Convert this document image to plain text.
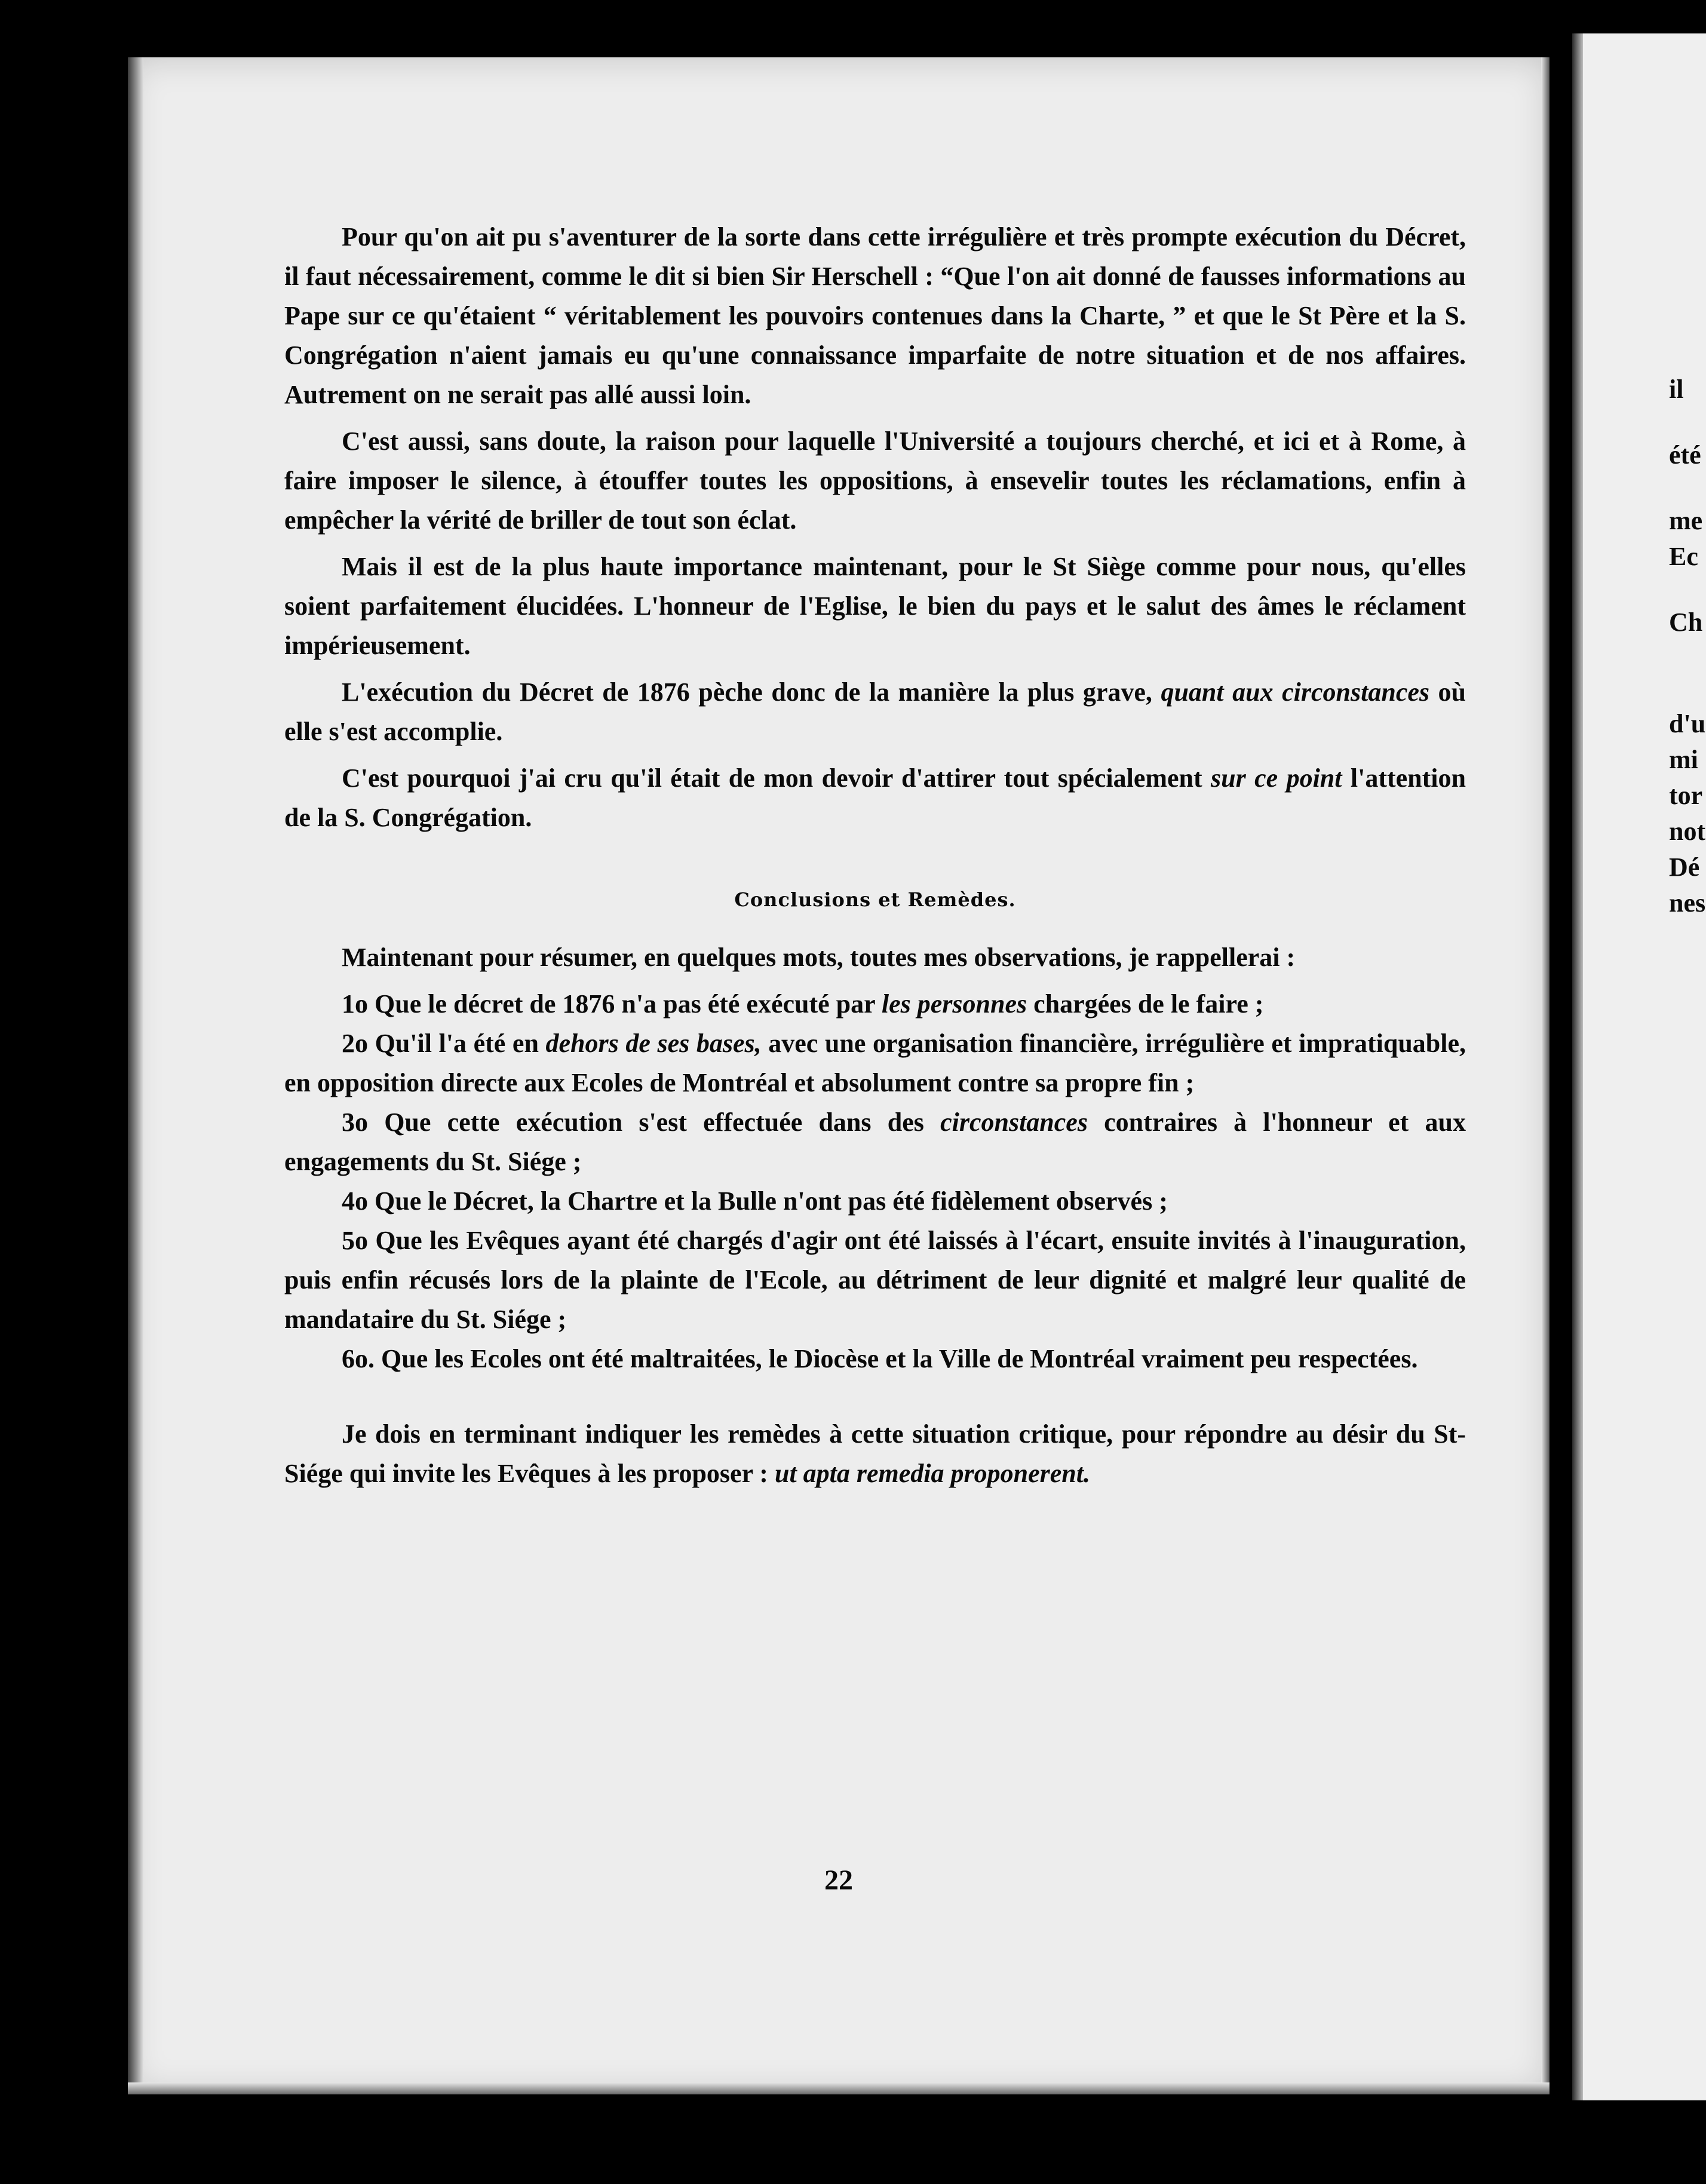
Pour qu'on ait pu s'aventurer de la sorte dans cette irrégulière et très prompte exécution du Décret, il faut nécessairement, comme le dit si bien Sir Herschell : “Que l'on ait donné de fausses informations au Pape sur ce qu'étaient “ véritablement les pouvoirs contenues dans la Charte, ” et que le St Père et la S. Congrégation n'aient jamais eu qu'une connaissance imparfaite de notre situation et de nos affaires. Autrement on ne serait pas allé aussi loin.

C'est aussi, sans doute, la raison pour laquelle l'Université a toujours cherché, et ici et à Rome, à faire imposer le silence, à étouffer toutes les oppositions, à ensevelir toutes les réclamations, enfin à empêcher la vérité de briller de tout son éclat.

Mais il est de la plus haute importance maintenant, pour le St Siège comme pour nous, qu'elles soient parfaitement élucidées. L'honneur de l'Eglise, le bien du pays et le salut des âmes le réclament impérieusement.

L'exécution du Décret de 1876 pèche donc de la manière la plus grave, quant aux circonstances où elle s'est accomplie.

C'est pourquoi j'ai cru qu'il était de mon devoir d'attirer tout spécialement sur ce point l'attention de la S. Congrégation.

Conclusions et Remèdes.

Maintenant pour résumer, en quelques mots, toutes mes observations, je rappellerai :

1o Que le décret de 1876 n'a pas été exécuté par les personnes chargées de le faire ;

2o Qu'il l'a été en dehors de ses bases, avec une organisation financière, irrégulière et impratiquable, en opposition directe aux Ecoles de Montréal et absolument contre sa propre fin ;

3o Que cette exécution s'est effectuée dans des circonstances contraires à l'honneur et aux engagements du St. Siége ;

4o Que le Décret, la Chartre et la Bulle n'ont pas été fidèlement observés ;

5o Que les Evêques ayant été chargés d'agir ont été laissés à l'écart, ensuite invités à l'inauguration, puis enfin récusés lors de la plainte de l'Ecole, au détriment de leur dignité et malgré leur qualité de mandataire du St. Siége ;

6o. Que les Ecoles ont été maltraitées, le Diocèse et la Ville de Montréal vraiment peu respectées.

Je dois en terminant indiquer les remèdes à cette situation critique, pour répondre au désir du St-Siége qui invite les Evêques à les proposer : ut apta remedia proponerent.

22
il
été
me
Ec
Ch
d'u
mi
tor
not
Dé
nes
